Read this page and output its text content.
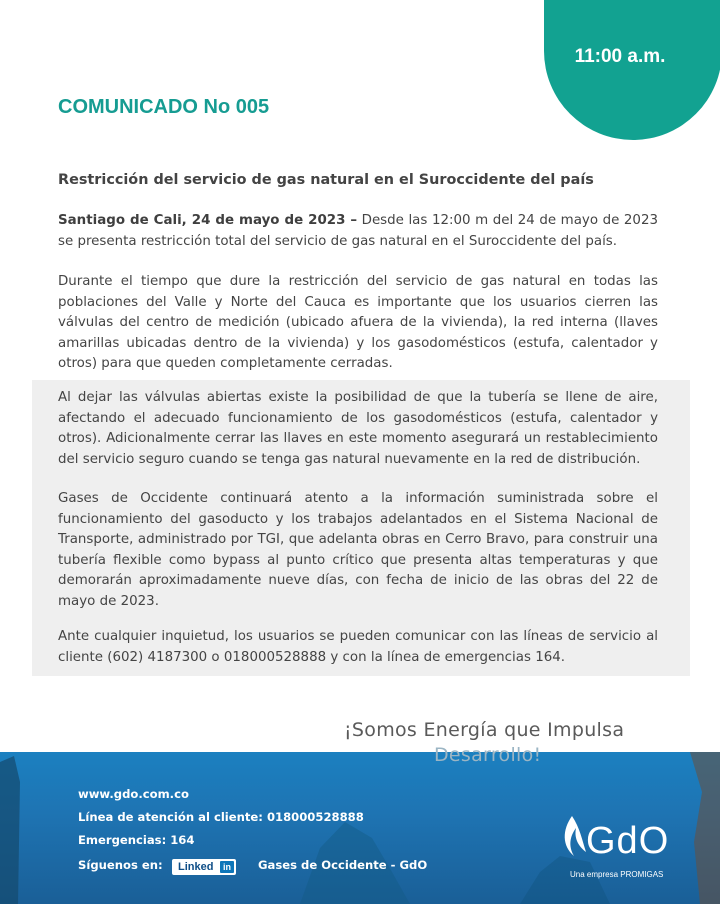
11:00 a.m.
COMUNICADO No 005
Restricción del servicio de gas natural en el Suroccidente del país
Santiago de Cali, 24 de mayo de 2023 – Desde las 12:00 m del 24 de mayo de 2023 se presenta restricción total del servicio de gas natural en el Suroccidente del país.
Durante el tiempo que dure la restricción del servicio de gas natural en todas las poblaciones del Valle y Norte del Cauca es importante que los usuarios cierren las válvulas del centro de medición (ubicado afuera de la vivienda), la red interna (llaves amarillas ubicadas dentro de la vivienda) y los gasodomésticos (estufa, calentador y otros) para que queden completamente cerradas.
Al dejar las válvulas abiertas existe la posibilidad de que la tubería se llene de aire, afectando el adecuado funcionamiento de los gasodomésticos (estufa, calentador y otros). Adicionalmente cerrar las llaves en este momento asegurará un restablecimiento del servicio seguro cuando se tenga gas natural nuevamente en la red de distribución.
Gases de Occidente continuará atento a la información suministrada sobre el funcionamiento del gasoducto y los trabajos adelantados en el Sistema Nacional de Transporte, administrado por TGI, que adelanta obras en Cerro Bravo, para construir una tubería flexible como bypass al punto crítico que presenta altas temperaturas y que demorarán aproximadamente nueve días, con fecha de inicio de las obras del 22 de mayo de 2023.
Ante cualquier inquietud, los usuarios se pueden comunicar con las líneas de servicio al cliente (602) 4187300 o 018000528888 y con la línea de emergencias 164.
www.gdo.com.co
Línea de atención al cliente: 018000528888
Emergencias: 164
Síguenos en: Linked	in Gases de Occidente - GdO
GdO
Una empresa PROMIGAS
¡Somos Energía que Impulsa
Desarrollo!
